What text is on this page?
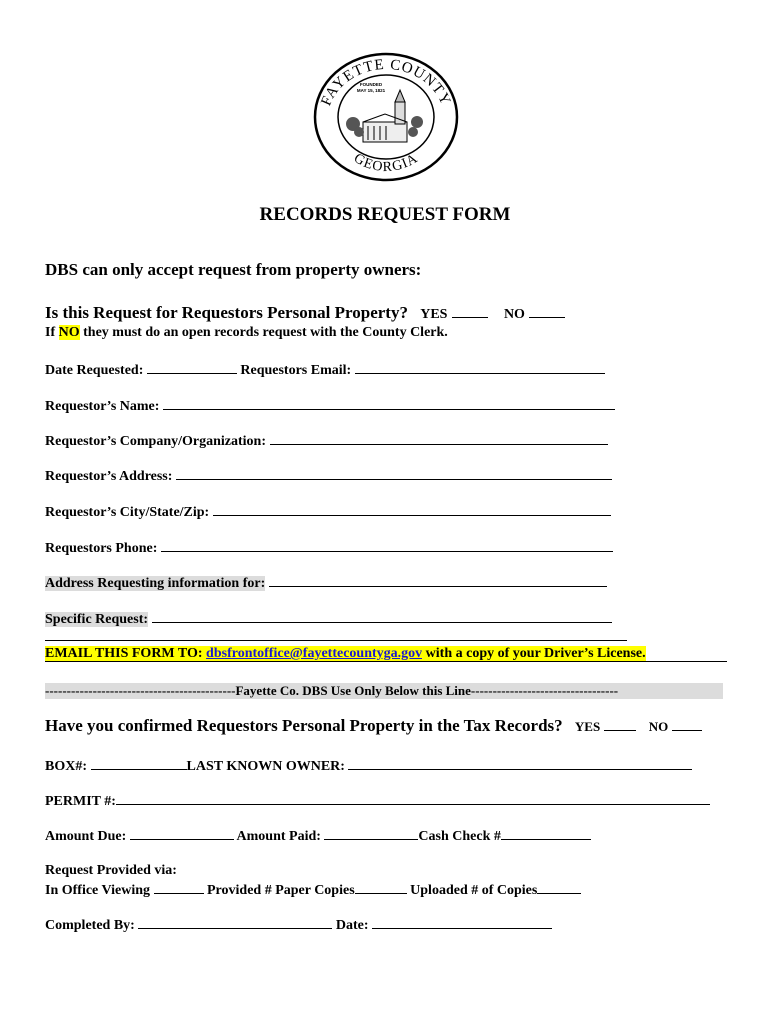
FAYETTE COUNTY
GEORGIA
FOUNDED
MAY 15, 1821
RECORDS REQUEST FORM
DBS can only accept request from property owners:
Is this Request for Requestors Personal Property? YES	NO
If NO they must do an open records request with the County Clerk.
Date Requested:	Requestors Email:
Requestor’s Name:
Requestor’s Company/Organization:
Requestor’s Address:
Requestor’s City/State/Zip:
Requestors Phone:
Address Requesting information for:
Specific Request:
EMAIL THIS FORM TO: dbsfrontoffice@fayettecountyga.gov with a copy of your Driver’s License.
--------------------------------------------Fayette Co. DBS Use Only Below this Line----------------------------------
Have you confirmed Requestors Personal Property in the Tax Records? YES	NO
BOX#:	LAST KNOWN OWNER:
PERMIT #:
Amount Due:	Amount Paid:	Cash Check #
Request Provided via:
In Office Viewing	Provided # Paper Copies	Uploaded # of Copies
Completed By:	Date:
